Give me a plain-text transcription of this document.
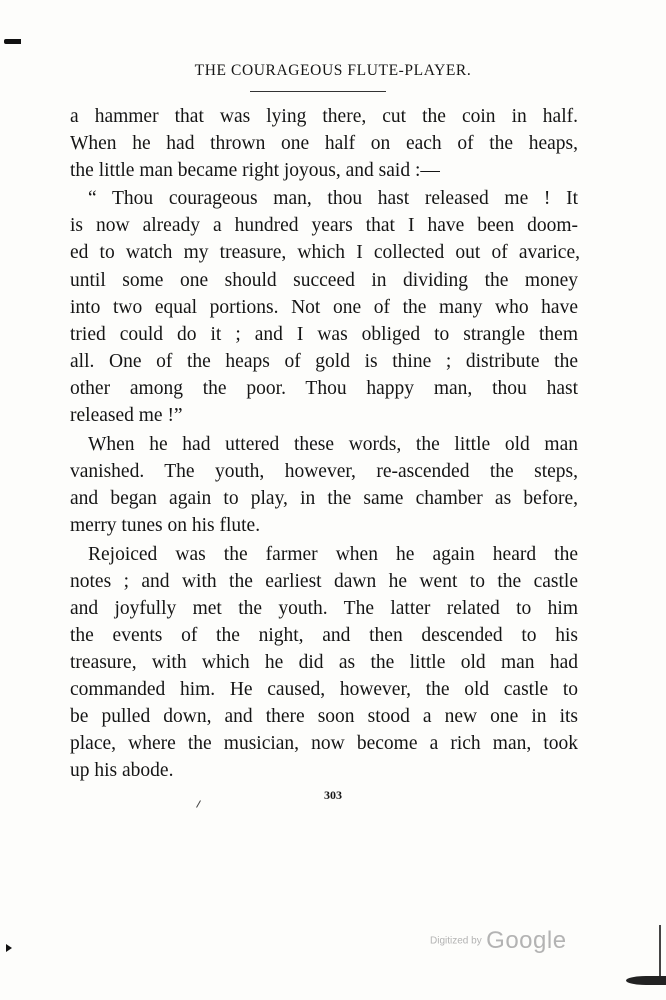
THE COURAGEOUS FLUTE-PLAYER.
a hammer that was lying there, cut the coin in half.
When he had thrown one half on each of the heaps,
the little man became right joyous, and said :—
“ Thou courageous man, thou hast released me ! It
is now already a hundred years that I have been doom-
ed to watch my treasure, which I collected out of avarice,
until some one should succeed in dividing the money
into two equal portions. Not one of the many who have
tried could do it ; and I was obliged to strangle them
all. One of the heaps of gold is thine ; distribute the
other among the poor. Thou happy man, thou hast
released me !”
When he had uttered these words, the little old man
vanished. The youth, however, re-ascended the steps,
and began again to play, in the same chamber as before,
merry tunes on his flute.
Rejoiced was the farmer when he again heard the
notes ; and with the earliest dawn he went to the castle
and joyfully met the youth. The latter related to him
the events of the night, and then descended to his
treasure, with which he did as the little old man had
commanded him. He caused, however, the old castle to
be pulled down, and there soon stood a new one in its
place, where the musician, now become a rich man, took
up his abode.
303
Digitized by Google
